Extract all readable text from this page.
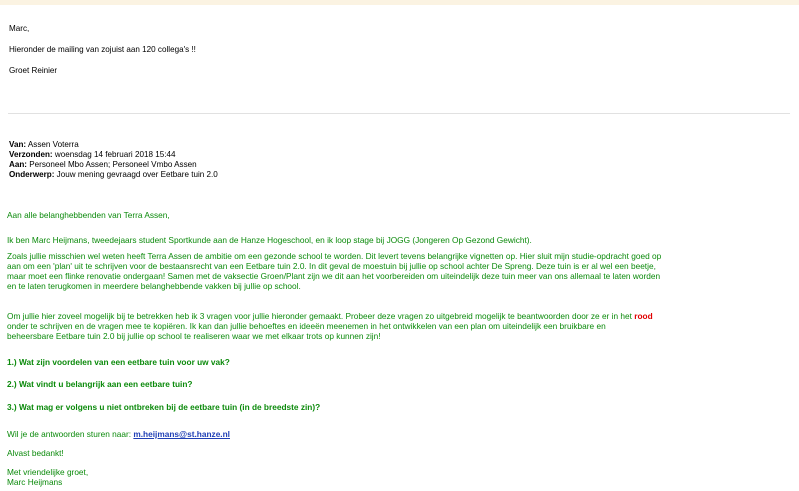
Marc,
Hieronder de mailing van zojuist aan 120 collega's !!
Groet Reinier
Van: Assen Voterra
Verzonden: woensdag 14 februari 2018 15:44
Aan: Personeel Mbo Assen; Personeel Vmbo Assen
Onderwerp: Jouw mening gevraagd over Eetbare tuin 2.0
Aan alle belanghebbenden van Terra Assen,
Ik ben Marc Heijmans, tweedejaars student Sportkunde aan de Hanze Hogeschool, en ik loop stage bij JOGG (Jongeren Op Gezond Gewicht).
Zoals jullie misschien wel weten heeft Terra Assen de ambitie om een gezonde school te worden. Dit levert tevens belangrijke vignetten op. Hier sluit mijn studie-opdracht goed op
aan om een 'plan' uit te schrijven voor de bestaansrecht van een Eetbare tuin 2.0. In dit geval de moestuin bij jullie op school achter De Spreng. Deze tuin is er al wel een beetje,
maar moet een flinke renovatie ondergaan! Samen met de vaksectie Groen/Plant zijn we dit aan het voorbereiden om uiteindelijk deze tuin meer van ons allemaal te laten worden
en te laten terugkomen in meerdere belanghebbende vakken bij jullie op school.
Om jullie hier zoveel mogelijk bij te betrekken heb ik 3 vragen voor jullie hieronder gemaakt. Probeer deze vragen zo uitgebreid mogelijk te beantwoorden door ze er in het rood
onder te schrijven en de vragen mee te kopiëren. Ik kan dan jullie behoeftes en ideeën meenemen in het ontwikkelen van een plan om uiteindelijk een bruikbare en
beheersbare Eetbare tuin 2.0 bij jullie op school te realiseren waar we met elkaar trots op kunnen zijn!
1.) Wat zijn voordelen van een eetbare tuin voor uw vak?
2.) Wat vindt u belangrijk aan een eetbare tuin?
3.) Wat mag er volgens u niet ontbreken bij de eetbare tuin (in de breedste zin)?
Wil je de antwoorden sturen naar: m.heijmans@st.hanze.nl
Alvast bedankt!
Met vriendelijke groet,
Marc Heijmans
